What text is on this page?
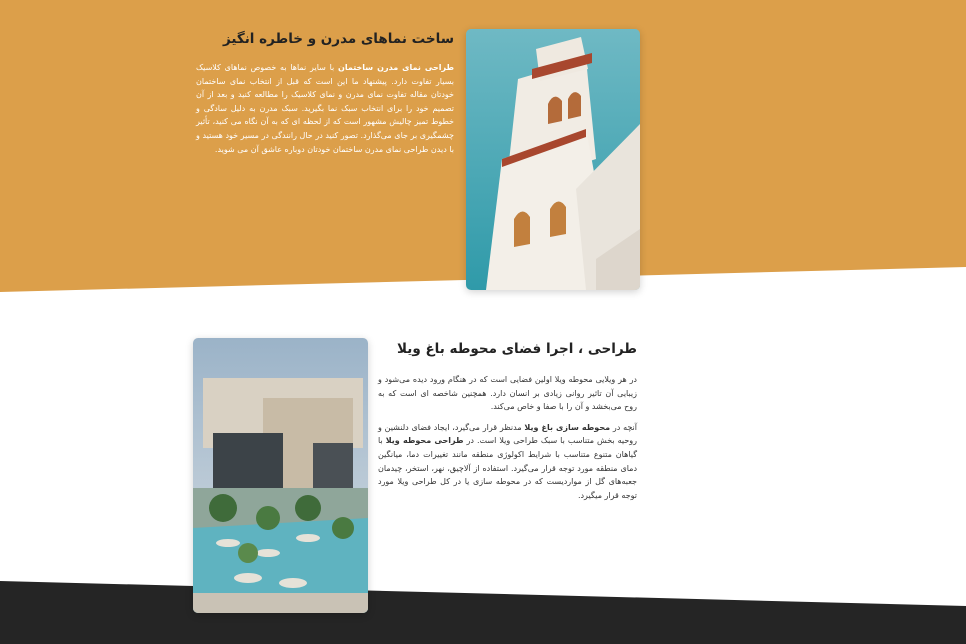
ساخت نماهای مدرن و خاطره انگیز

طراحی نمای مدرن ساختمان با سایر نماها به خصوص نماهای کلاسیک بسیار تفاوت دارد. پیشنهاد ما این است که قبل از انتخاب نمای ساختمان خودتان مقاله تفاوت نمای مدرن و نمای کلاسیک را مطالعه کنید و بعد از آن تصمیم خود را برای انتخاب سبک نما بگیرید. سبک مدرن به دلیل سادگی و خطوط تمیز چالیش مشهور است که از لحظه ای که به آن نگاه می کنید، تأثیر چشمگیری بر جای می‌گذارد. تصور کنید در حال رانندگی در مسیر خود هستید و با دیدن طراحی نمای مدرن ساختمان خودتان دوباره عاشق آن می شوید.

طراحی ، اجرا فضای محوطه باغ ویلا

در هر ویلایی محوطه ویلا اولین فضایی است که در هنگام ورود دیده می‌شود و زیبایی آن تاثیر روانی زیادی بر انسان دارد. همچنین شاخصه ای است که به روح می‌بخشد و آن را با صفا و خاص می‌کند.

آنچه در محوطه سازی باغ ویلا مدنظر قرار می‌گیرد، ایجاد فضای دلنشین و روحیه بخش متناسب با سبک طراحی ویلا است. در طراحی محوطه ویلا با گیاهان متنوع متناسب با شرایط اکولوژی منطقه مانند تغییرات دما، میانگین دمای منطقه مورد توجه قرار می‌گیرد. استفاده از آلاچیق، نهر، استخر، چیدمان جعبه‌های گل از موارديست که در محوطه سازی یا در کل طراحی ویلا مورد توجه قرار میگیرد.
